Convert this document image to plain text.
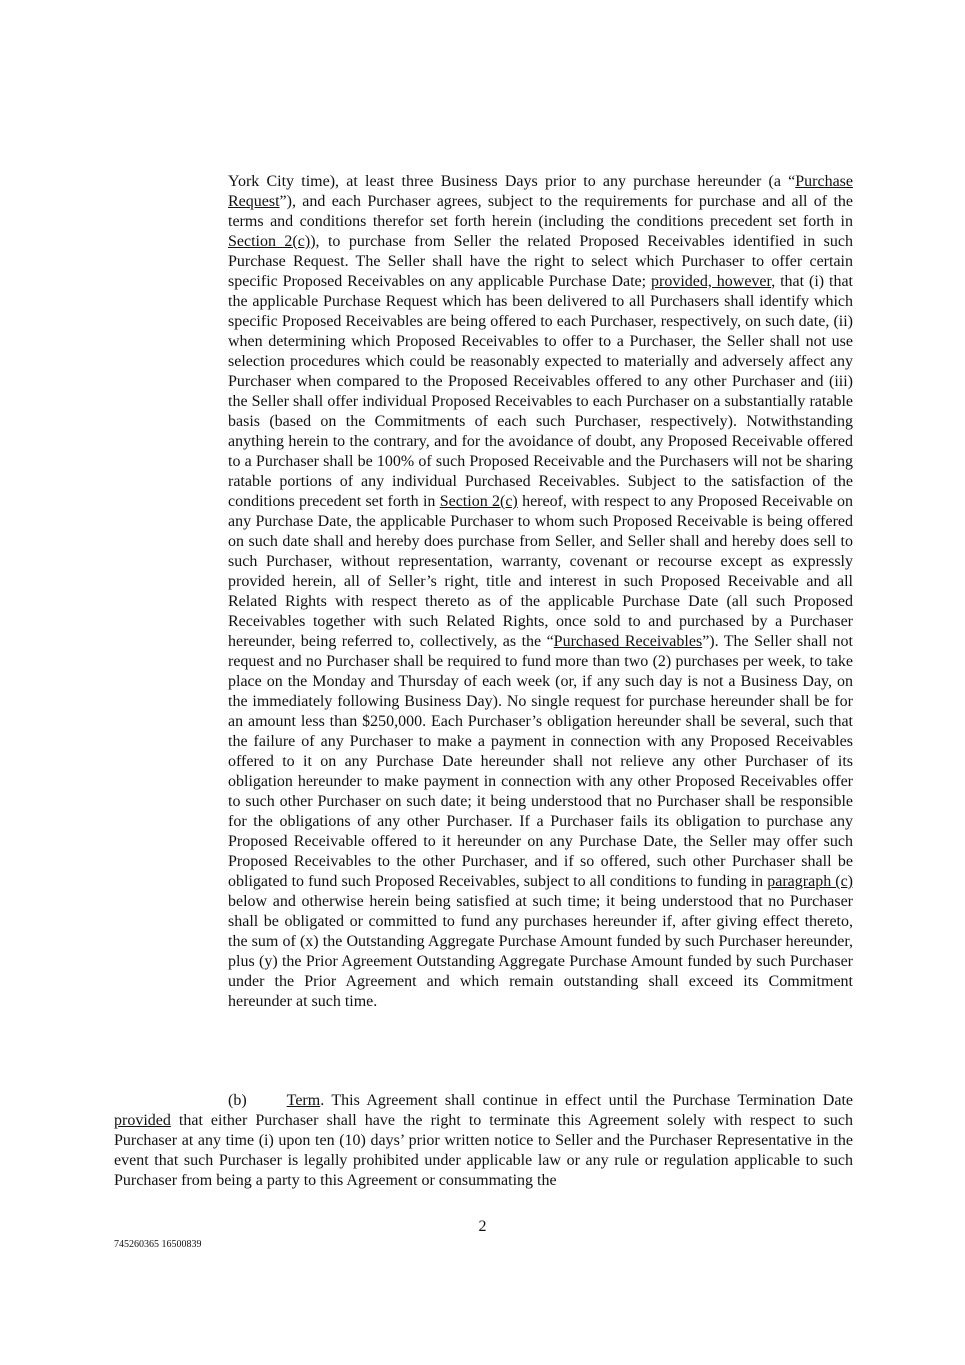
York City time), at least three Business Days prior to any purchase hereunder (a “Purchase Request”), and each Purchaser agrees, subject to the requirements for purchase and all of the terms and conditions therefor set forth herein (including the conditions precedent set forth in Section 2(c)), to purchase from Seller the related Proposed Receivables identified in such Purchase Request. The Seller shall have the right to select which Purchaser to offer certain specific Proposed Receivables on any applicable Purchase Date; provided, however, that (i) that the applicable Purchase Request which has been delivered to all Purchasers shall identify which specific Proposed Receivables are being offered to each Purchaser, respectively, on such date, (ii) when determining which Proposed Receivables to offer to a Purchaser, the Seller shall not use selection procedures which could be reasonably expected to materially and adversely affect any Purchaser when compared to the Proposed Receivables offered to any other Purchaser and (iii) the Seller shall offer individual Proposed Receivables to each Purchaser on a substantially ratable basis (based on the Commitments of each such Purchaser, respectively). Notwithstanding anything herein to the contrary, and for the avoidance of doubt, any Proposed Receivable offered to a Purchaser shall be 100% of such Proposed Receivable and the Purchasers will not be sharing ratable portions of any individual Purchased Receivables. Subject to the satisfaction of the conditions precedent set forth in Section 2(c) hereof, with respect to any Proposed Receivable on any Purchase Date, the applicable Purchaser to whom such Proposed Receivable is being offered on such date shall and hereby does purchase from Seller, and Seller shall and hereby does sell to such Purchaser, without representation, warranty, covenant or recourse except as expressly provided herein, all of Seller’s right, title and interest in such Proposed Receivable and all Related Rights with respect thereto as of the applicable Purchase Date (all such Proposed Receivables together with such Related Rights, once sold to and purchased by a Purchaser hereunder, being referred to, collectively, as the “Purchased Receivables”). The Seller shall not request and no Purchaser shall be required to fund more than two (2) purchases per week, to take place on the Monday and Thursday of each week (or, if any such day is not a Business Day, on the immediately following Business Day). No single request for purchase hereunder shall be for an amount less than $250,000. Each Purchaser’s obligation hereunder shall be several, such that the failure of any Purchaser to make a payment in connection with any Proposed Receivables offered to it on any Purchase Date hereunder shall not relieve any other Purchaser of its obligation hereunder to make payment in connection with any other Proposed Receivables offer to such other Purchaser on such date; it being understood that no Purchaser shall be responsible for the obligations of any other Purchaser. If a Purchaser fails its obligation to purchase any Proposed Receivable offered to it hereunder on any Purchase Date, the Seller may offer such Proposed Receivables to the other Purchaser, and if so offered, such other Purchaser shall be obligated to fund such Proposed Receivables, subject to all conditions to funding in paragraph (c) below and otherwise herein being satisfied at such time; it being understood that no Purchaser shall be obligated or committed to fund any purchases hereunder if, after giving effect thereto, the sum of (x) the Outstanding Aggregate Purchase Amount funded by such Purchaser hereunder, plus (y) the Prior Agreement Outstanding Aggregate Purchase Amount funded by such Purchaser under the Prior Agreement and which remain outstanding shall exceed its Commitment hereunder at such time.

(b)	Term. This Agreement shall continue in effect until the Purchase Termination Date provided that either Purchaser shall have the right to terminate this Agreement solely with respect to such Purchaser at any time (i) upon ten (10) days’ prior written notice to Seller and the Purchaser Representative in the event that such Purchaser is legally prohibited under applicable law or any rule or regulation applicable to such Purchaser from being a party to this Agreement or consummating the

2
745260365 16500839
